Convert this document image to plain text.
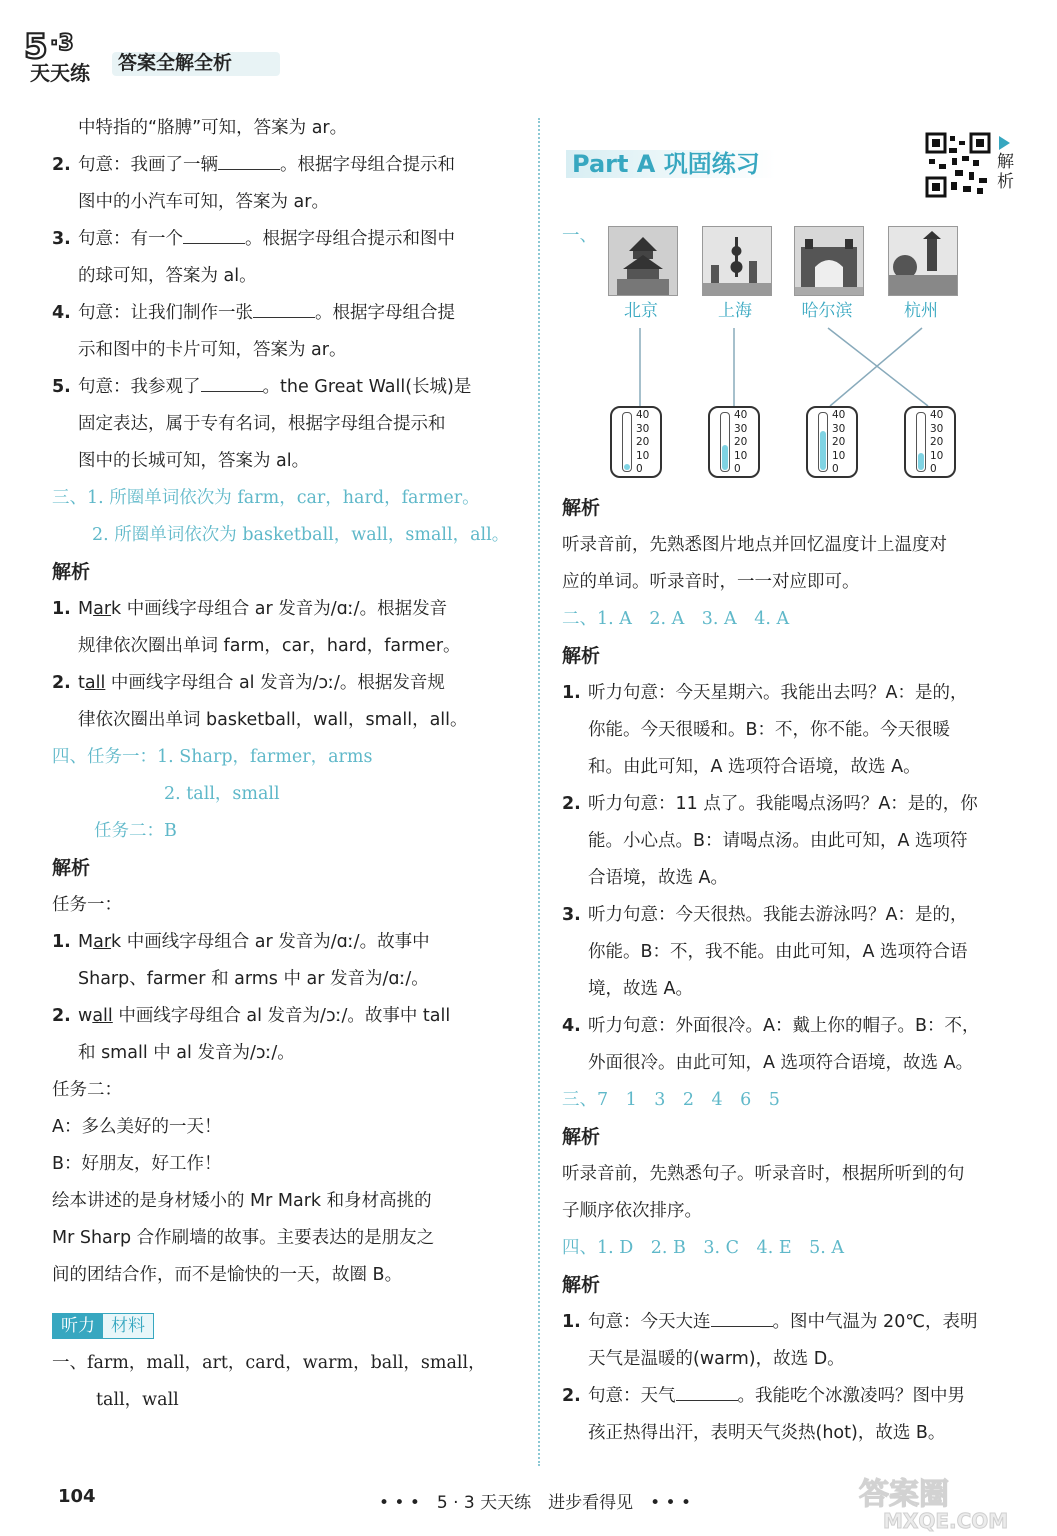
5 ·3
天天练 答案全解全析
中特指的“胳膊”可知，答案为 ar。
2. 句意：我画了一辆	。根据字母组合提示和
图中的小汽车可知，答案为 ar。
3. 句意：有一个	。根据字母组合提示和图中
的球可知，答案为 al。
4. 句意：让我们制作一张	。根据字母组合提
示和图中的卡片可知，答案为 ar。
5. 句意：我参观了	。the Great Wall(长城)是
固定表达，属于专有名词，根据字母组合提示和
图中的长城可知，答案为 al。
三、1. 所圈单词依次为 farm，car，hard，farmer。
2. 所圈单词依次为 basketball，wall，small，all。
解析
1. Mark 中画线字母组合 ar 发音为/ɑː/。根据发音
规律依次圈出单词 farm，car，hard，farmer。
2. tall 中画线字母组合 al 发音为/ɔː/。根据发音规
律依次圈出单词 basketball，wall，small，all。
四、任务一：1. Sharp，farmer，arms
2. tall，small
任务二：B
解析
任务一：
1. Mark 中画线字母组合 ar 发音为/ɑː/。故事中
Sharp、farmer 和 arms 中 ar 发音为/ɑː/。
2. wall 中画线字母组合 al 发音为/ɔː/。故事中 tall
和 small 中 al 发音为/ɔː/。
任务二：
A：多么美好的一天！
B：好朋友，好工作！
绘本讲述的是身材矮小的 Mr Mark 和身材高挑的
Mr Sharp 合作刷墙的故事。主要表达的是朋友之
间的团结合作，而不是愉快的一天，故圈 B。
听力 材料
一、farm，mall，art，card，warm，ball，small，
tall，wall
Part A 巩固练习	解析
一、
北京	上海	哈尔滨	杭州
40
30
20
10
0
40
30
20
10
0
40
30
20
10
0
40
30
20
10
0
解析
听录音前，先熟悉图片地点并回忆温度计上温度对
应的单词。听录音时，一一对应即可。
二、1. A　2. A　3. A　4. A
解析
1. 听力句意：今天星期六。我能出去吗？A：是的，
你能。今天很暖和。B：不，你不能。今天很暖
和。由此可知，A 选项符合语境，故选 A。
2. 听力句意：11 点了。我能喝点汤吗？A：是的，你
能。小心点。B：请喝点汤。由此可知，A 选项符
合语境，故选 A。
3. 听力句意：今天很热。我能去游泳吗？A：是的，
你能。B：不，我不能。由此可知，A 选项符合语
境，故选 A。
4. 听力句意：外面很冷。A：戴上你的帽子。B：不，
外面很冷。由此可知，A 选项符合语境，故选 A。
三、7　1　3　2　4　6　5
解析
听录音前，先熟悉句子。听录音时，根据所听到的句
子顺序依次排序。
四、1. D　2. B　3. C　4. E　5. A
解析
1. 句意：今天大连	。图中气温为 20℃，表明
天气是温暖的(warm)，故选 D。
2. 句意：天气	。我能吃个冰激凌吗？图中男
孩正热得出汗，表明天气炎热(hot)，故选 B。
104	• • •　5 · 3 天天练　进步看得见　• • •	答案圈
MXQE.COM
